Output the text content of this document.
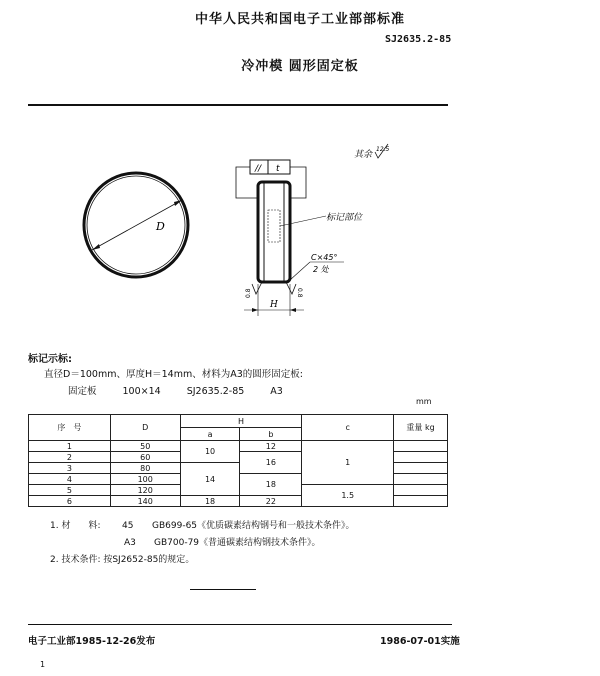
中华人民共和国电子工业部部标准
SJ2635.2-85
冷冲模 圆形固定板
D
其余
12.5
// t
标记部位
C×45°
2 处
0.8	0.8
H
标记示标:
直径D＝100mm、厚度H＝14mm、材料为A3的圆形固定板:
固定板	100×14	SJ2635.2-85	A3
mm
序　号	D	H		c	重量 kg
		a	b		
1	50	10	12	1	
2	60		16		
3	80	14			
4	100		18		
5	120			1.5	
6	140	18	22		
1. 材　　料: 45 GB699-65《优质碳素结构钢号和一般技术条件》。
A3 GB700-79《普通碳素结构钢技术条件》。
2. 技术条件: 按SJ2652-85的规定。
电子工业部1985-12-26发布	1986-07-01实施
1
